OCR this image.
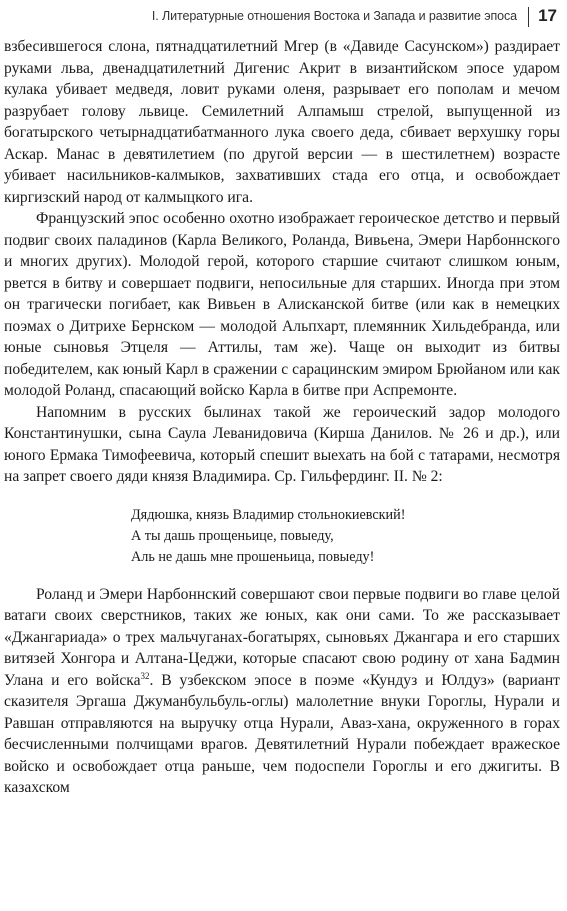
I. Литературные отношения Востока и Запада и развитие эпоса 17

взбесившегося слона, пятнадцатилетний Мгер (в «Давиде Сасунском») раздирает руками льва, двенадцатилетний Дигенис Акрит в византийском эпосе ударом кулака убивает медведя, ловит руками оленя, разрывает его пополам и мечом разрубает голову львице. Семилетний Алпамыш стрелой, выпущенной из богатырского четырнадцатибатманного лука своего деда, сбивает верхушку горы Аскар. Манас в девятилетием (по другой версии — в шестилетнем) возрасте убивает насильников-калмыков, захвативших стада его отца, и освобождает киргизский народ от калмыцкого ига.

Французский эпос особенно охотно изображает героическое детство и первый подвиг своих паладинов (Карла Великого, Роланда, Вивьена, Эмери Нарбоннского и многих других). Молодой герой, которого старшие считают слишком юным, рвется в битву и совершает подвиги, непосильные для старших. Иногда при этом он трагически погибает, как Вивьен в Алисканской битве (или как в немецких поэмах о Дитрихе Бернском — молодой Альпхарт, племянник Хильдебранда, или юные сыновья Этцеля — Аттилы, там же). Чаще он выходит из битвы победителем, как юный Карл в сражении с сарацинским эмиром Брюйаном или как молодой Роланд, спасающий войско Карла в битве при Аспремонте.

Напомним в русских былинах такой же героический задор молодого Константинушки, сына Саула Леванидовича (Кирша Данилов. № 26 и др.), или юного Ермака Тимофеевича, который спешит выехать на бой с татарами, несмотря на запрет своего дяди князя Владимира. Ср. Гильфердинг. II. № 2:

Дядюшка, князь Владимир стольнокиевский!
А ты дашь прощеньице, повыеду,
Аль не дашь мне прошеньица, повыеду!

Роланд и Эмери Нарбоннский совершают свои первые подвиги во главе целой ватаги своих сверстников, таких же юных, как они сами. То же рассказывает «Джангариада» о трех мальчуганах-богатырях, сыновьях Джангара и его старших витязей Хонгора и Алтана-Цеджи, которые спасают свою родину от хана Бадмин Улана и его войска$^{32}$. В узбекском эпосе в поэме «Кундуз и Юлдуз» (вариант сказителя Эргаша Джуманбульбуль-оглы) малолетние внуки Гороглы, Нурали и Равшан отправляются на выручку отца Нурали, Аваз-хана, окруженного в горах бесчисленными полчищами врагов. Девятилетний Нурали побеждает вражеское войско и освобождает отца раньше, чем подоспели Гороглы и его джигиты. В казахском
